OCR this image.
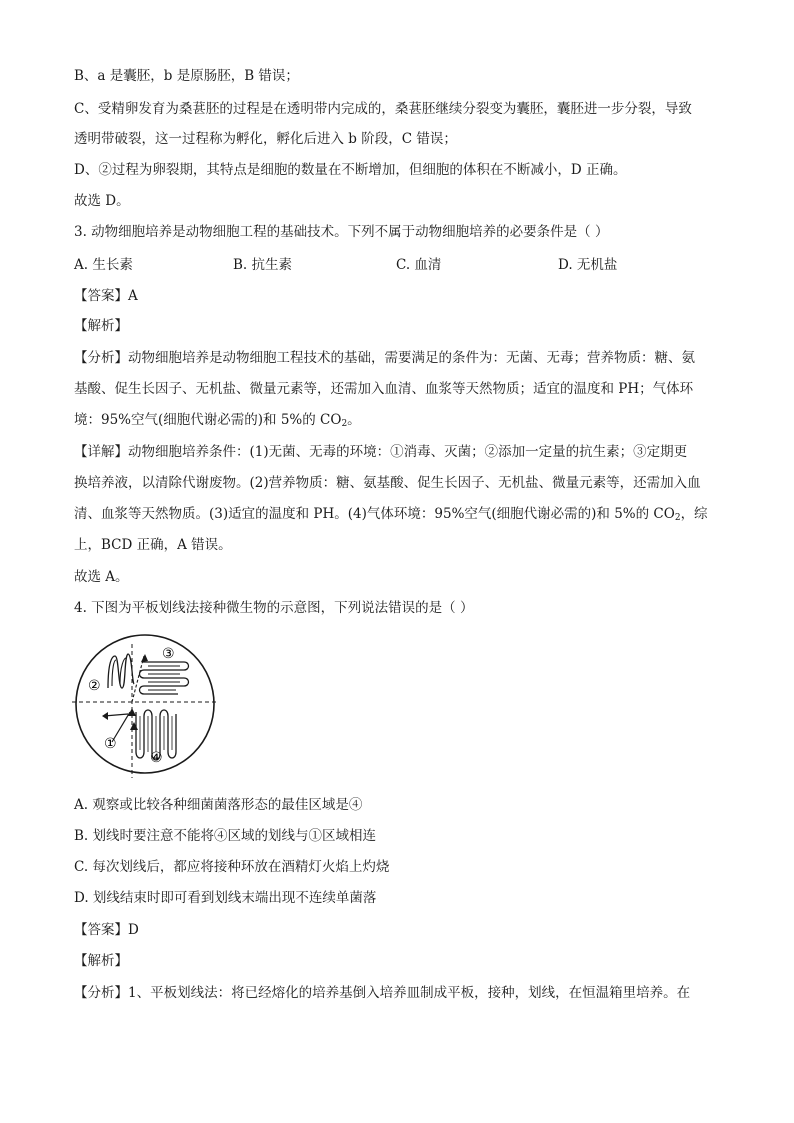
B、a 是囊胚，b 是原肠胚，B 错误；
C、受精卵发育为桑葚胚的过程是在透明带内完成的，桑葚胚继续分裂变为囊胚，囊胚进一步分裂，导致
透明带破裂，这一过程称为孵化，孵化后进入 b 阶段，C 错误；
D、②过程为卵裂期，其特点是细胞的数量在不断增加，但细胞的体积在不断减小，D 正确。
故选 D。
3. 动物细胞培养是动物细胞工程的基础技术。下列不属于动物细胞培养的必要条件是（ ）
A. 生长素	B. 抗生素	C. 血清	D. 无机盐
【答案】A
【解析】
【分析】动物细胞培养是动物细胞工程技术的基础，需要满足的条件为：无菌、无毒；营养物质：糖、氨
基酸、促生长因子、无机盐、微量元素等，还需加入血清、血浆等天然物质；适宜的温度和 PH；气体环
境：95%空气(细胞代谢必需的)和 5%的 $CO_2$。
【详解】动物细胞培养条件：(1)无菌、无毒的环境：①消毒、灭菌；②添加一定量的抗生素；③定期更
换培养液，以清除代谢废物。(2)营养物质：糖、氨基酸、促生长因子、无机盐、微量元素等，还需加入血
清、血浆等天然物质。(3)适宜的温度和 PH。(4)气体环境：95%空气(细胞代谢必需的)和 5%的 $CO_2$，综
上，BCD 正确，A 错误。
故选 A。
4. 下图为平板划线法接种微生物的示意图，下列说法错误的是（ ）
③
②
①
④
A. 观察或比较各种细菌菌落形态的最佳区域是④
B. 划线时要注意不能将④区域的划线与①区域相连
C. 每次划线后，都应将接种环放在酒精灯火焰上灼烧
D. 划线结束时即可看到划线末端出现不连续单菌落
【答案】D
【解析】
【分析】1、平板划线法：将已经熔化的培养基倒入培养皿制成平板，接种，划线，在恒温箱里培养。在
